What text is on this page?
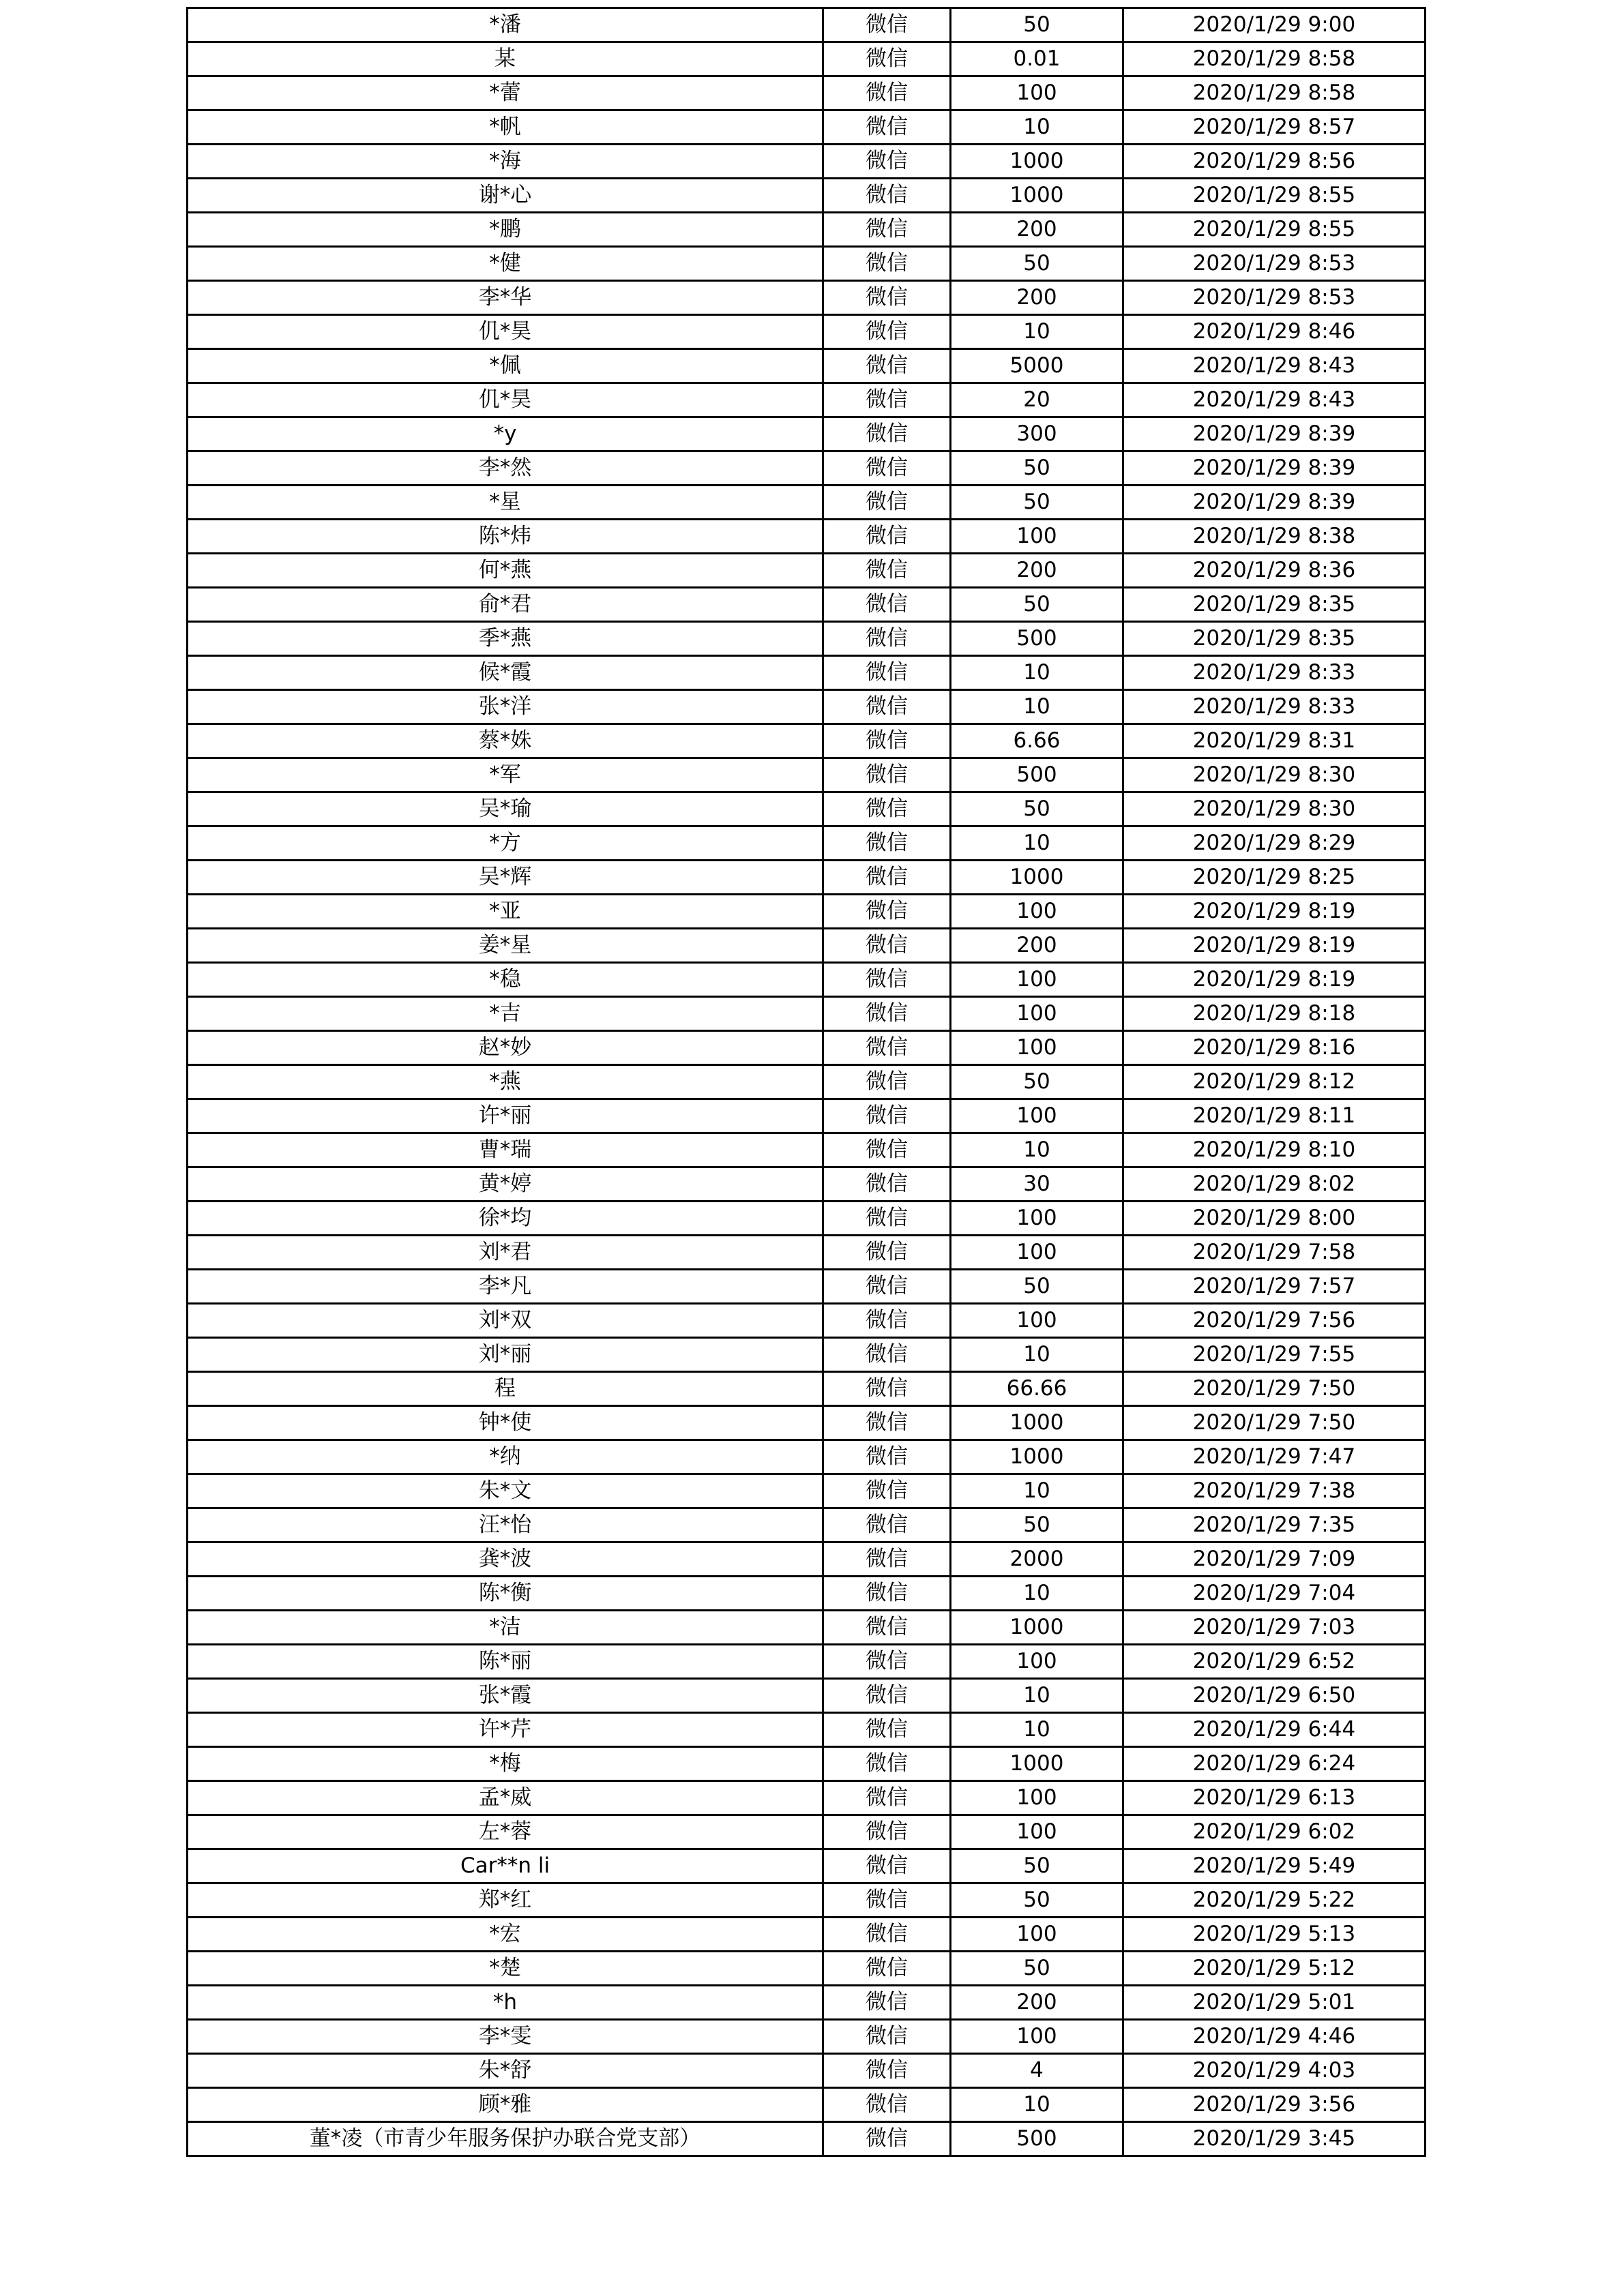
*潘	微信	50	2020/1/29 9:00
某	微信	0.01	2020/1/29 8:58
*蕾	微信	100	2020/1/29 8:58
*帆	微信	10	2020/1/29 8:57
*海	微信	1000	2020/1/29 8:56
谢*心	微信	1000	2020/1/29 8:55
*鹏	微信	200	2020/1/29 8:55
*健	微信	50	2020/1/29 8:53
李*华	微信	200	2020/1/29 8:53
仉*昊	微信	10	2020/1/29 8:46
*佩	微信	5000	2020/1/29 8:43
仉*昊	微信	20	2020/1/29 8:43
*y	微信	300	2020/1/29 8:39
李*然	微信	50	2020/1/29 8:39
*星	微信	50	2020/1/29 8:39
陈*炜	微信	100	2020/1/29 8:38
何*燕	微信	200	2020/1/29 8:36
俞*君	微信	50	2020/1/29 8:35
季*燕	微信	500	2020/1/29 8:35
候*霞	微信	10	2020/1/29 8:33
张*洋	微信	10	2020/1/29 8:33
蔡*姝	微信	6.66	2020/1/29 8:31
*军	微信	500	2020/1/29 8:30
吴*瑜	微信	50	2020/1/29 8:30
*方	微信	10	2020/1/29 8:29
吴*辉	微信	1000	2020/1/29 8:25
*亚	微信	100	2020/1/29 8:19
姜*星	微信	200	2020/1/29 8:19
*稳	微信	100	2020/1/29 8:19
*吉	微信	100	2020/1/29 8:18
赵*妙	微信	100	2020/1/29 8:16
*燕	微信	50	2020/1/29 8:12
许*丽	微信	100	2020/1/29 8:11
曹*瑞	微信	10	2020/1/29 8:10
黄*婷	微信	30	2020/1/29 8:02
徐*均	微信	100	2020/1/29 8:00
刘*君	微信	100	2020/1/29 7:58
李*凡	微信	50	2020/1/29 7:57
刘*双	微信	100	2020/1/29 7:56
刘*丽	微信	10	2020/1/29 7:55
程	微信	66.66	2020/1/29 7:50
钟*使	微信	1000	2020/1/29 7:50
*纳	微信	1000	2020/1/29 7:47
朱*文	微信	10	2020/1/29 7:38
汪*怡	微信	50	2020/1/29 7:35
龚*波	微信	2000	2020/1/29 7:09
陈*衡	微信	10	2020/1/29 7:04
*洁	微信	1000	2020/1/29 7:03
陈*丽	微信	100	2020/1/29 6:52
张*霞	微信	10	2020/1/29 6:50
许*芹	微信	10	2020/1/29 6:44
*梅	微信	1000	2020/1/29 6:24
孟*威	微信	100	2020/1/29 6:13
左*蓉	微信	100	2020/1/29 6:02
Car**n li	微信	50	2020/1/29 5:49
郑*红	微信	50	2020/1/29 5:22
*宏	微信	100	2020/1/29 5:13
*楚	微信	50	2020/1/29 5:12
*h	微信	200	2020/1/29 5:01
李*雯	微信	100	2020/1/29 4:46
朱*舒	微信	4	2020/1/29 4:03
顾*雅	微信	10	2020/1/29 3:56
董*凌（市青少年服务保护办联合党支部）	微信	500	2020/1/29 3:45
